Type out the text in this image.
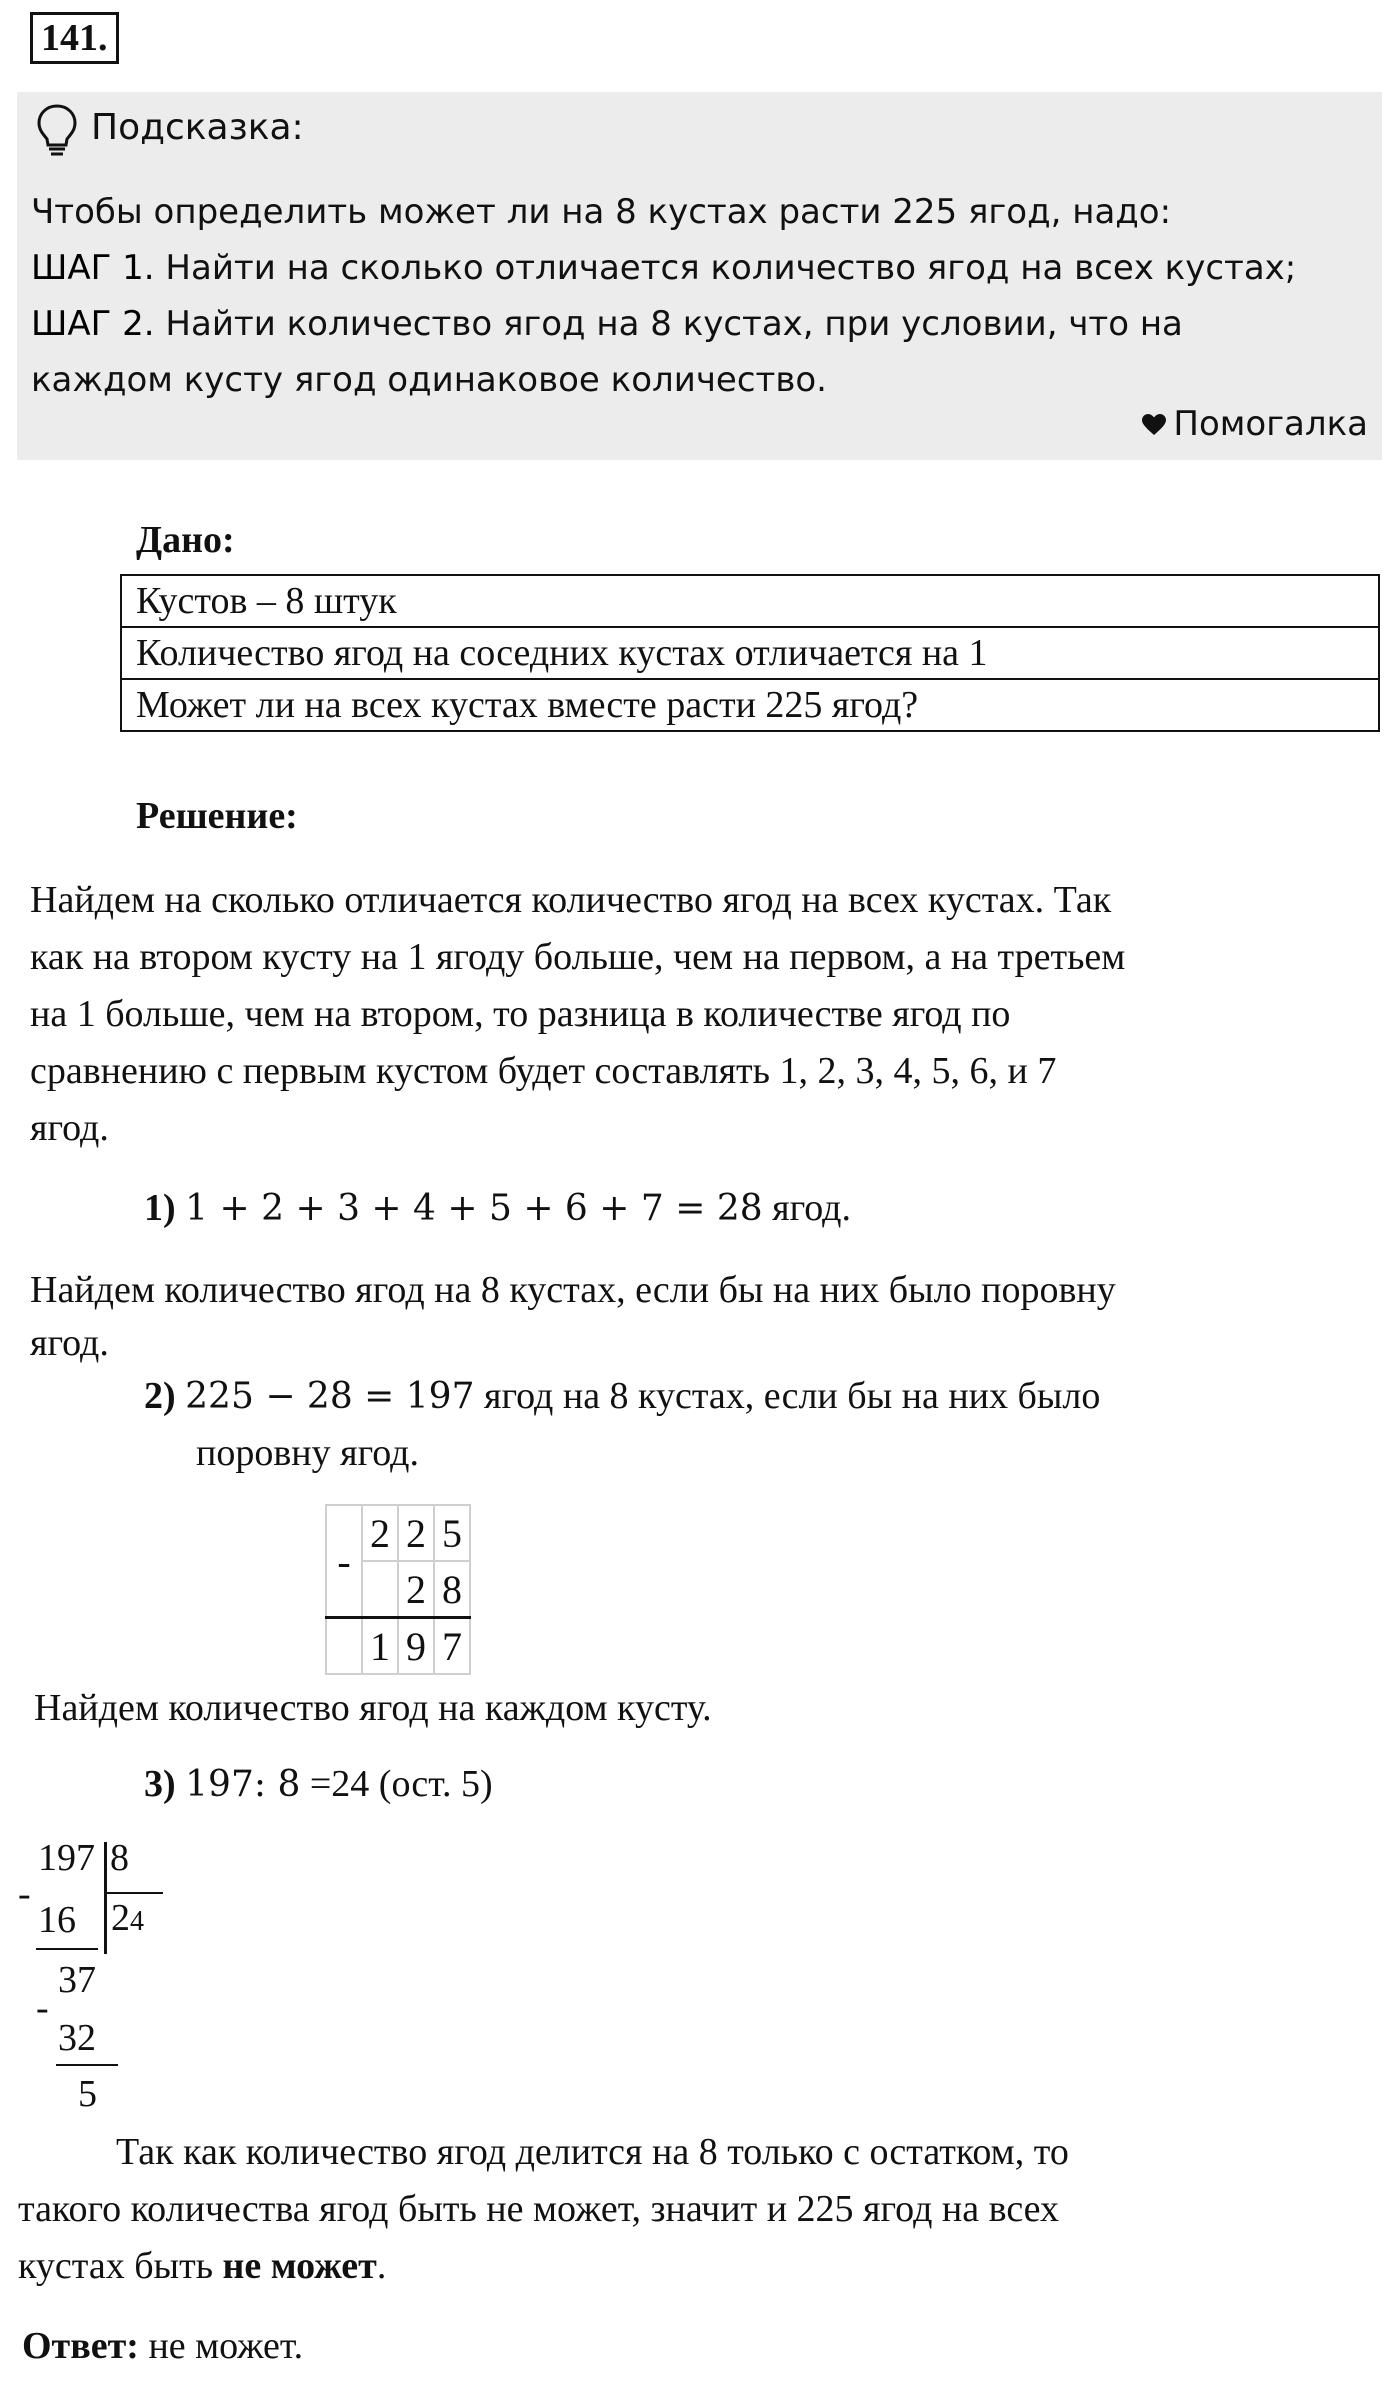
141.
Подсказка:
Чтобы определить может ли на 8 кустах расти 225 ягод, надо:
ШАГ 1. Найти на сколько отличается количество ягод на всех кустах;
ШАГ 2. Найти количество ягод на 8 кустах, при условии, что на
каждом кусту ягод одинаковое количество.
Помогалка
Дано:
Кустов – 8 штук
Количество ягод на соседних кустах отличается на 1
Может ли на всех кустах вместе расти 225 ягод?
Решение:
Найдем на сколько отличается количество ягод на всех кустах. Так
как на втором кусту на 1 ягоду больше, чем на первом, а на третьем
на 1 больше, чем на втором, то разница в количестве ягод по
сравнению с первым кустом будет составлять 1, 2, 3, 4, 5, 6, и 7
ягод.
1) 1 + 2 + 3 + 4 + 5 + 6 + 7 = 28 ягод.
Найдем количество ягод на 8 кустах, если бы на них было поровну
ягод.
2) 225 − 28 = 197 ягод на 8 кустах, если бы на них было
поровну ягод.
-	2	2	5
		2	8
	1	9	7
Найдем количество ягод на каждом кусту.
3) 197: 8 =24 (ост. 5)
197 8
24
-
16
37
-
32
5
Так как количество ягод делится на 8 только с остатком, то
такого количества ягод быть не может, значит и 225 ягод на всех
кустах быть не может.
Ответ: не может.
